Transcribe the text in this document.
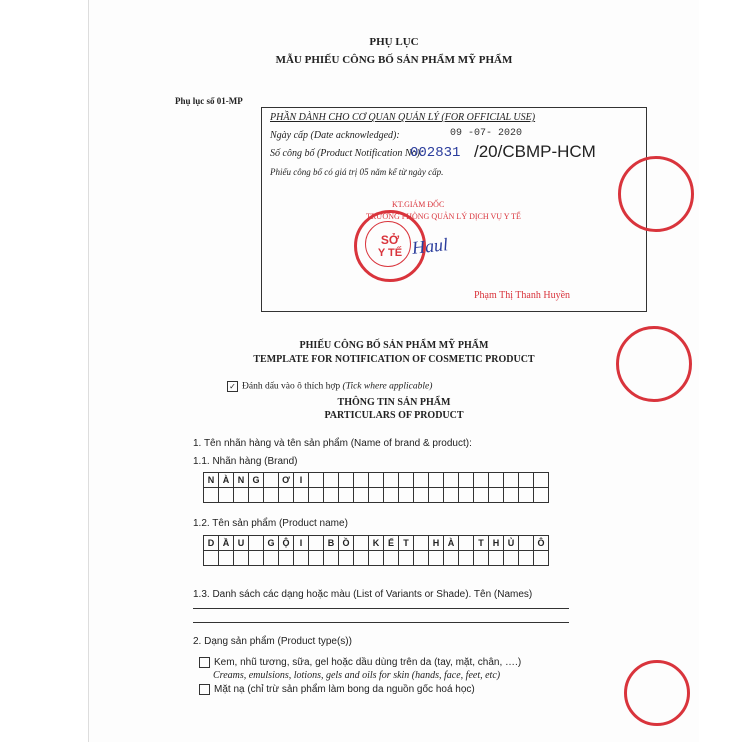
PHỤ LỤC
MẪU PHIẾU CÔNG BỐ SẢN PHẨM MỸ PHẨM
Phụ lục số 01-MP
PHẦN DÀNH CHO CƠ QUAN QUẢN LÝ (FOR OFFICIAL USE)
Ngày cấp (Date acknowledged):	09 -07- 2020
Số công bố (Product Notification No):
002831 /20/CBMP-HCM
Phiếu công bố có giá trị 05 năm kể từ ngày cấp.
KT.GIÁM ĐỐC
TRƯỞNG PHÒNG QUẢN LÝ DỊCH VỤ Y TẾ
SỞ
Y TẾ Haul
Phạm Thị Thanh Huyền
PHIẾU CÔNG BỐ SẢN PHẨM MỸ PHẨM
TEMPLATE FOR NOTIFICATION OF COSMETIC PRODUCT
✓ Đánh dấu vào ô thích hợp (Tick where applicable)
THÔNG TIN SẢN PHẨM
PARTICULARS OF PRODUCT
1. Tên nhãn hàng và tên sản phẩm (Name of brand & product):
1.1. Nhãn hàng (Brand)
N À N G	Ơ	I
1.2. Tên sản phẩm (Product name)
D Ầ U	G Ộ	I	B Ồ	K Ế	T	H À	T	H Ủ	Ô
1.3. Danh sách các dạng hoặc màu (List of Variants or Shade). Tên (Names)
2. Dạng sản phẩm (Product type(s))
Kem, nhũ tương, sữa, gel hoặc dầu dùng trên da (tay, mặt, chân, ….)
Creams, emulsions, lotions, gels and oils for skin (hands, face, feet, etc)
Mặt nạ (chỉ trừ sản phẩm làm bong da nguồn gốc hoá học)
